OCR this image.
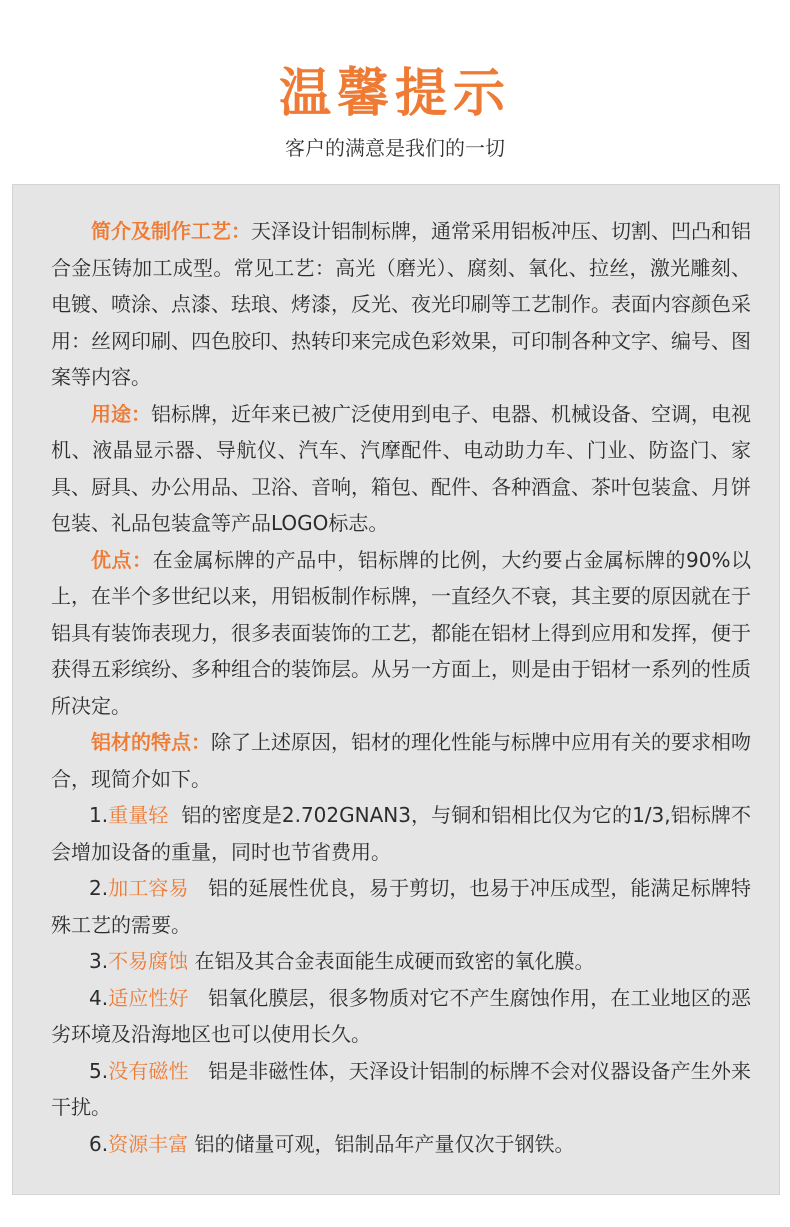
温馨提示

客户的满意是我们的一切

简介及制作工艺：天泽设计铝制标牌，通常采用铝板冲压、切割、凹凸和铝合金压铸加工成型。常见工艺：高光（磨光）、腐刻、氧化、拉丝，激光雕刻、电镀、喷涂、点漆、珐琅、烤漆，反光、夜光印刷等工艺制作。表面内容颜色采用：丝网印刷、四色胶印、热转印来完成色彩效果，可印制各种文字、编号、图案等内容。

用途：铝标牌，近年来已被广泛使用到电子、电器、机械设备、空调，电视机、液晶显示器、导航仪、汽车、汽摩配件、电动助力车、门业、防盗门、家具、厨具、办公用品、卫浴、音响，箱包、配件、各种酒盒、茶叶包装盒、月饼包装、礼品包装盒等产品LOGO标志。

优点：在金属标牌的产品中，铝标牌的比例，大约要占金属标牌的90%以上，在半个多世纪以来，用铝板制作标牌，一直经久不衰，其主要的原因就在于铝具有装饰表现力，很多表面装饰的工艺，都能在铝材上得到应用和发挥，便于获得五彩缤纷、多种组合的装饰层。从另一方面上，则是由于铝材一系列的性质所决定。

铝材的特点：除了上述原因，铝材的理化性能与标牌中应用有关的要求相吻合，现简介如下。

1.重量轻  铝的密度是2.702GNAN3，与铜和铝相比仅为它的1/3,铝标牌不会增加设备的重量，同时也节省费用。

2.加工容易   铝的延展性优良，易于剪切，也易于冲压成型，能满足标牌特殊工艺的需要。

3.不易腐蚀 在铝及其合金表面能生成硬而致密的氧化膜。

4.适应性好   铝氧化膜层，很多物质对它不产生腐蚀作用，在工业地区的恶劣环境及沿海地区也可以使用长久。

5.没有磁性   铝是非磁性体，天泽设计铝制的标牌不会对仪器设备产生外来干扰。

6.资源丰富 铝的储量可观，铝制品年产量仅次于钢铁。
